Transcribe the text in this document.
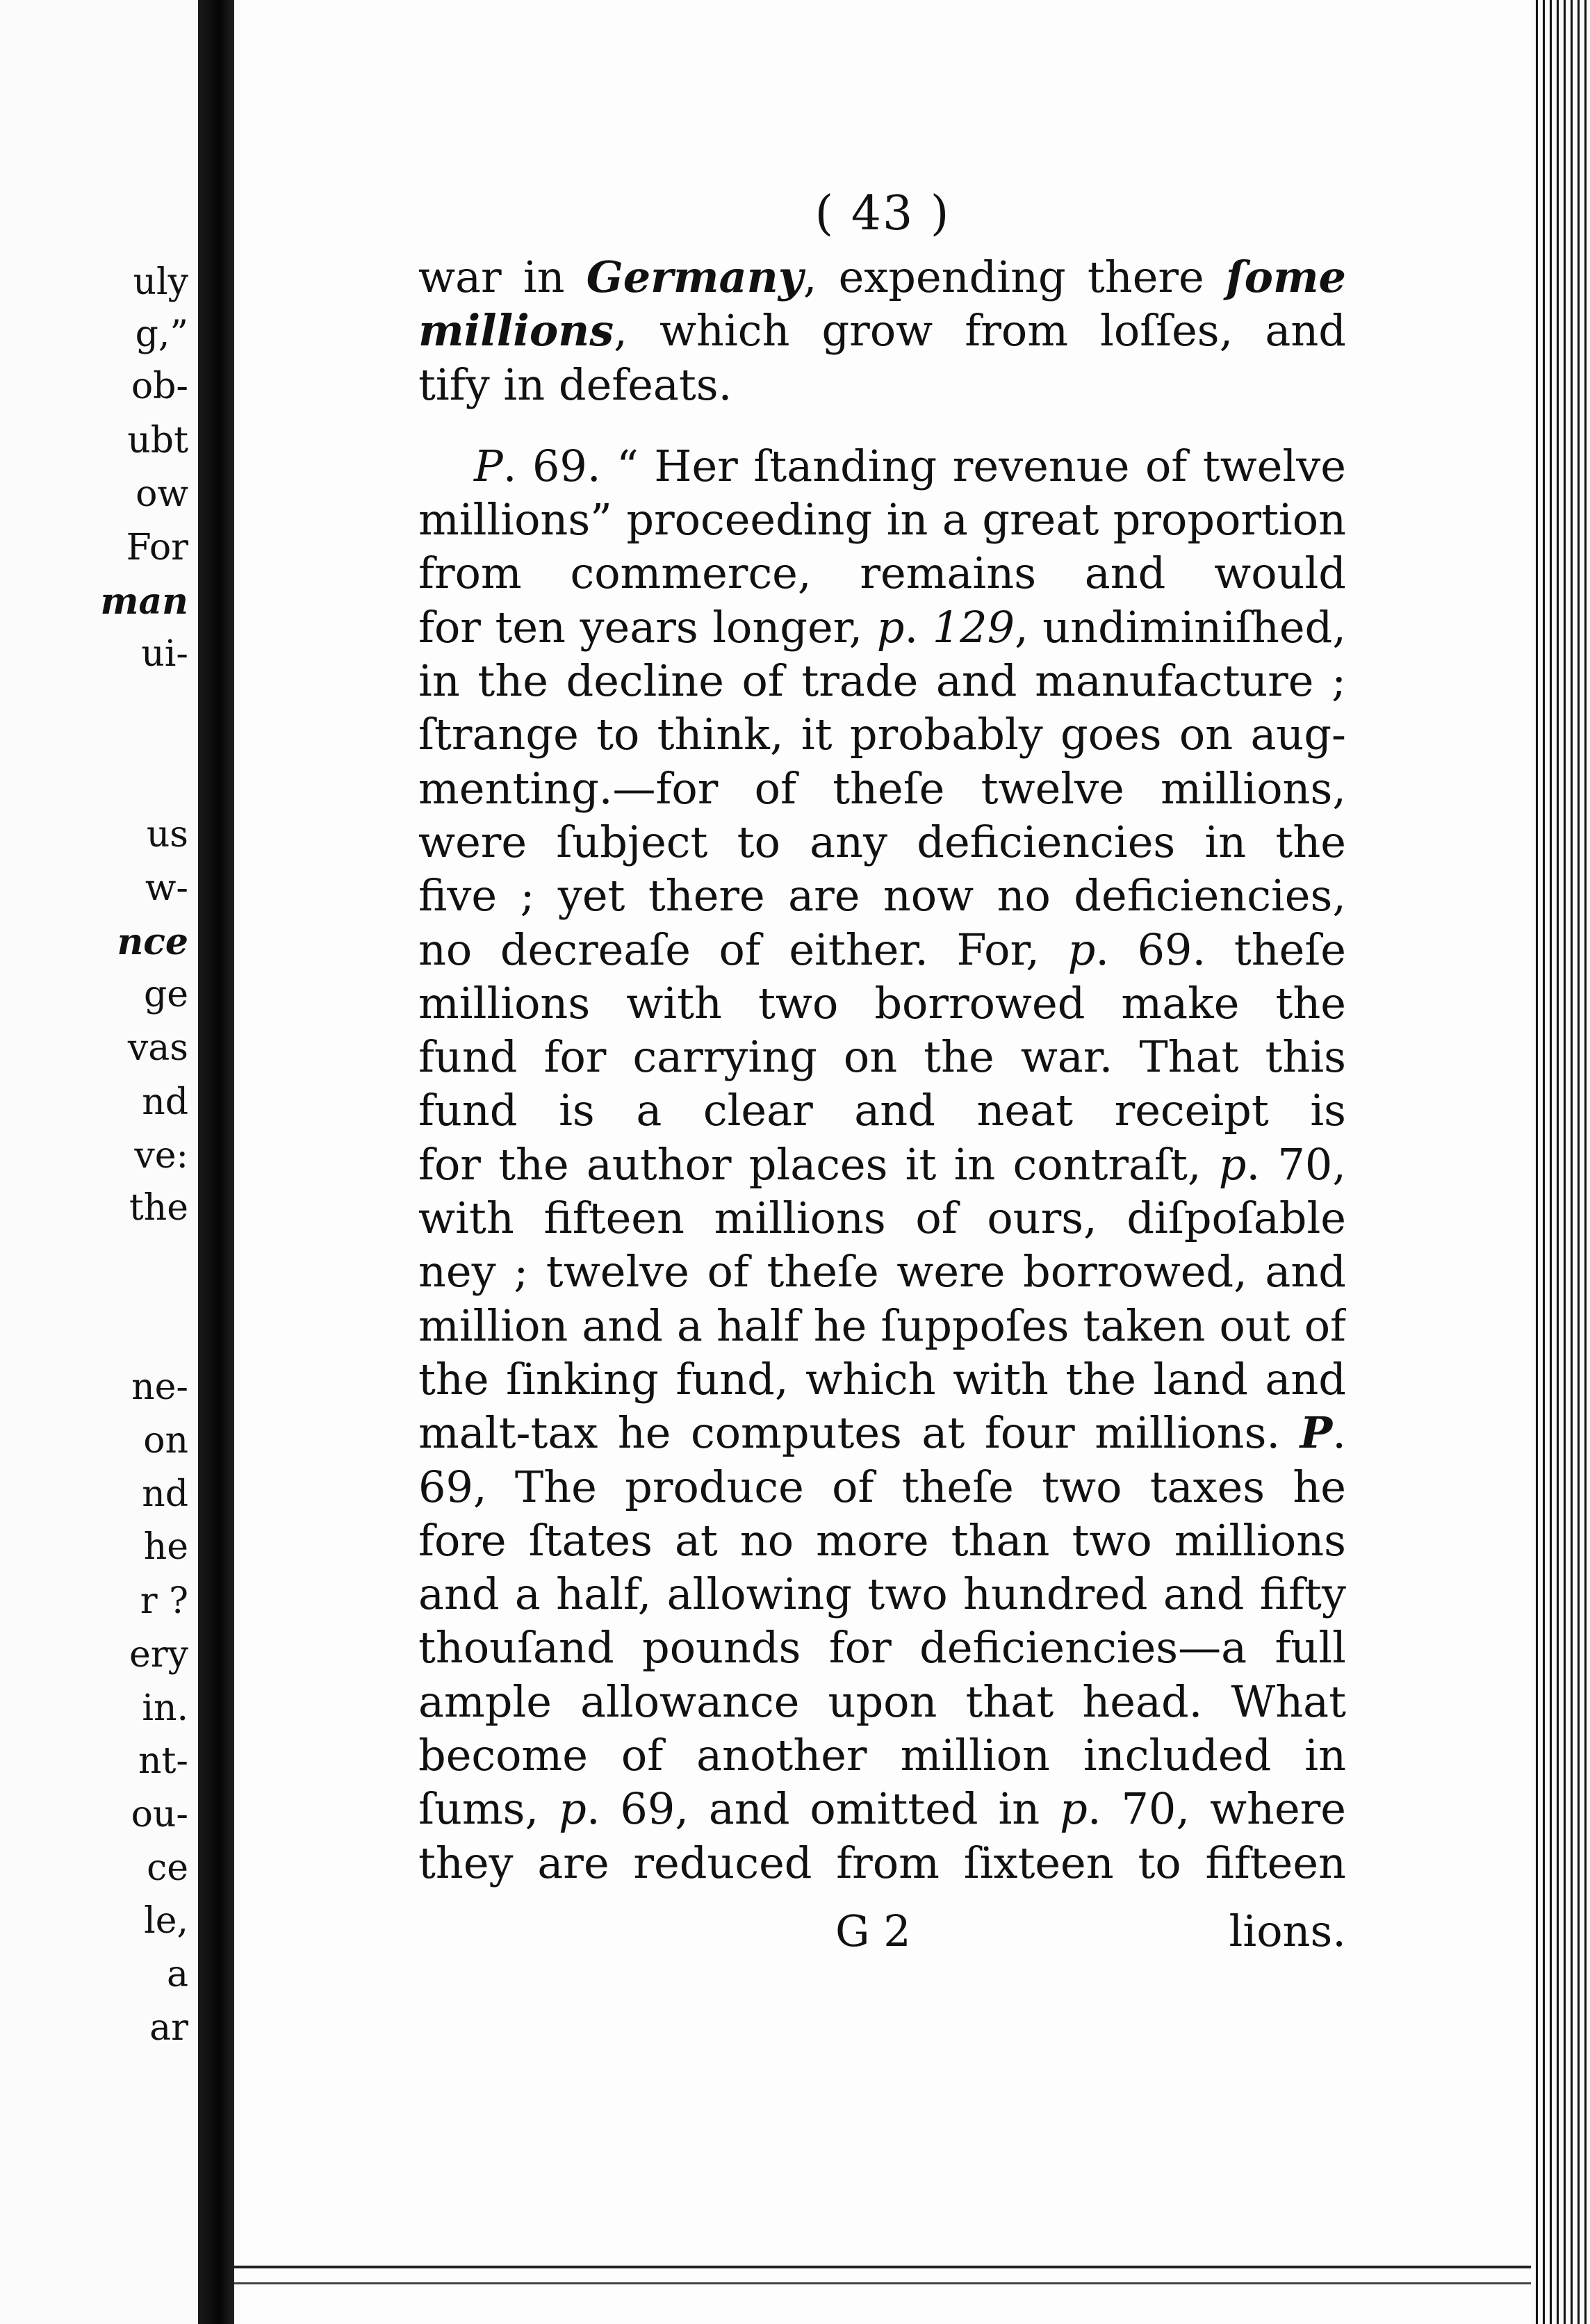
uly
g,”
ob-
ubt
ow
For
man
ui-
us
w-
nce
ge
vas
nd
ve:
the
ne-
on
nd
he
r ?
ery
in.
nt-
ou-
ce
le,
a
ar
( 43 )
war in Germany, expending there ſome
millions, which grow from loſſes, and
tify in defeats.
P. 69. “ Her ſtanding revenue of twelve
millions” proceeding in a great proportion
from commerce, remains and would
for ten years longer, p. 129, undiminiſhed,
in the decline of trade and manufacture ;
ſtrange to think, it probably goes on aug-
menting.—for of theſe twelve millions,
were ſubject to any deficiencies in the
five ; yet there are now no deficiencies,
no decreaſe of either. For, p. 69. theſe
millions with two borrowed make the
fund for carrying on the war. That this
fund is a clear and neat receipt is
for the author places it in contraſt, p. 70,
with fifteen millions of ours, diſpoſable
ney ; twelve of theſe were borrowed, and
million and a half he ſuppoſes taken out of
the ſinking fund, which with the land and
malt-tax he computes at four millions. P.
69, The produce of theſe two taxes he
fore ſtates at no more than two millions
and a half, allowing two hundred and fifty
thouſand pounds for deficiencies—a full
ample allowance upon that head. What
become of another million included in
ſums, p. 69, and omitted in p. 70, where
they are reduced from ſixteen to fifteen
G 2	lions.
